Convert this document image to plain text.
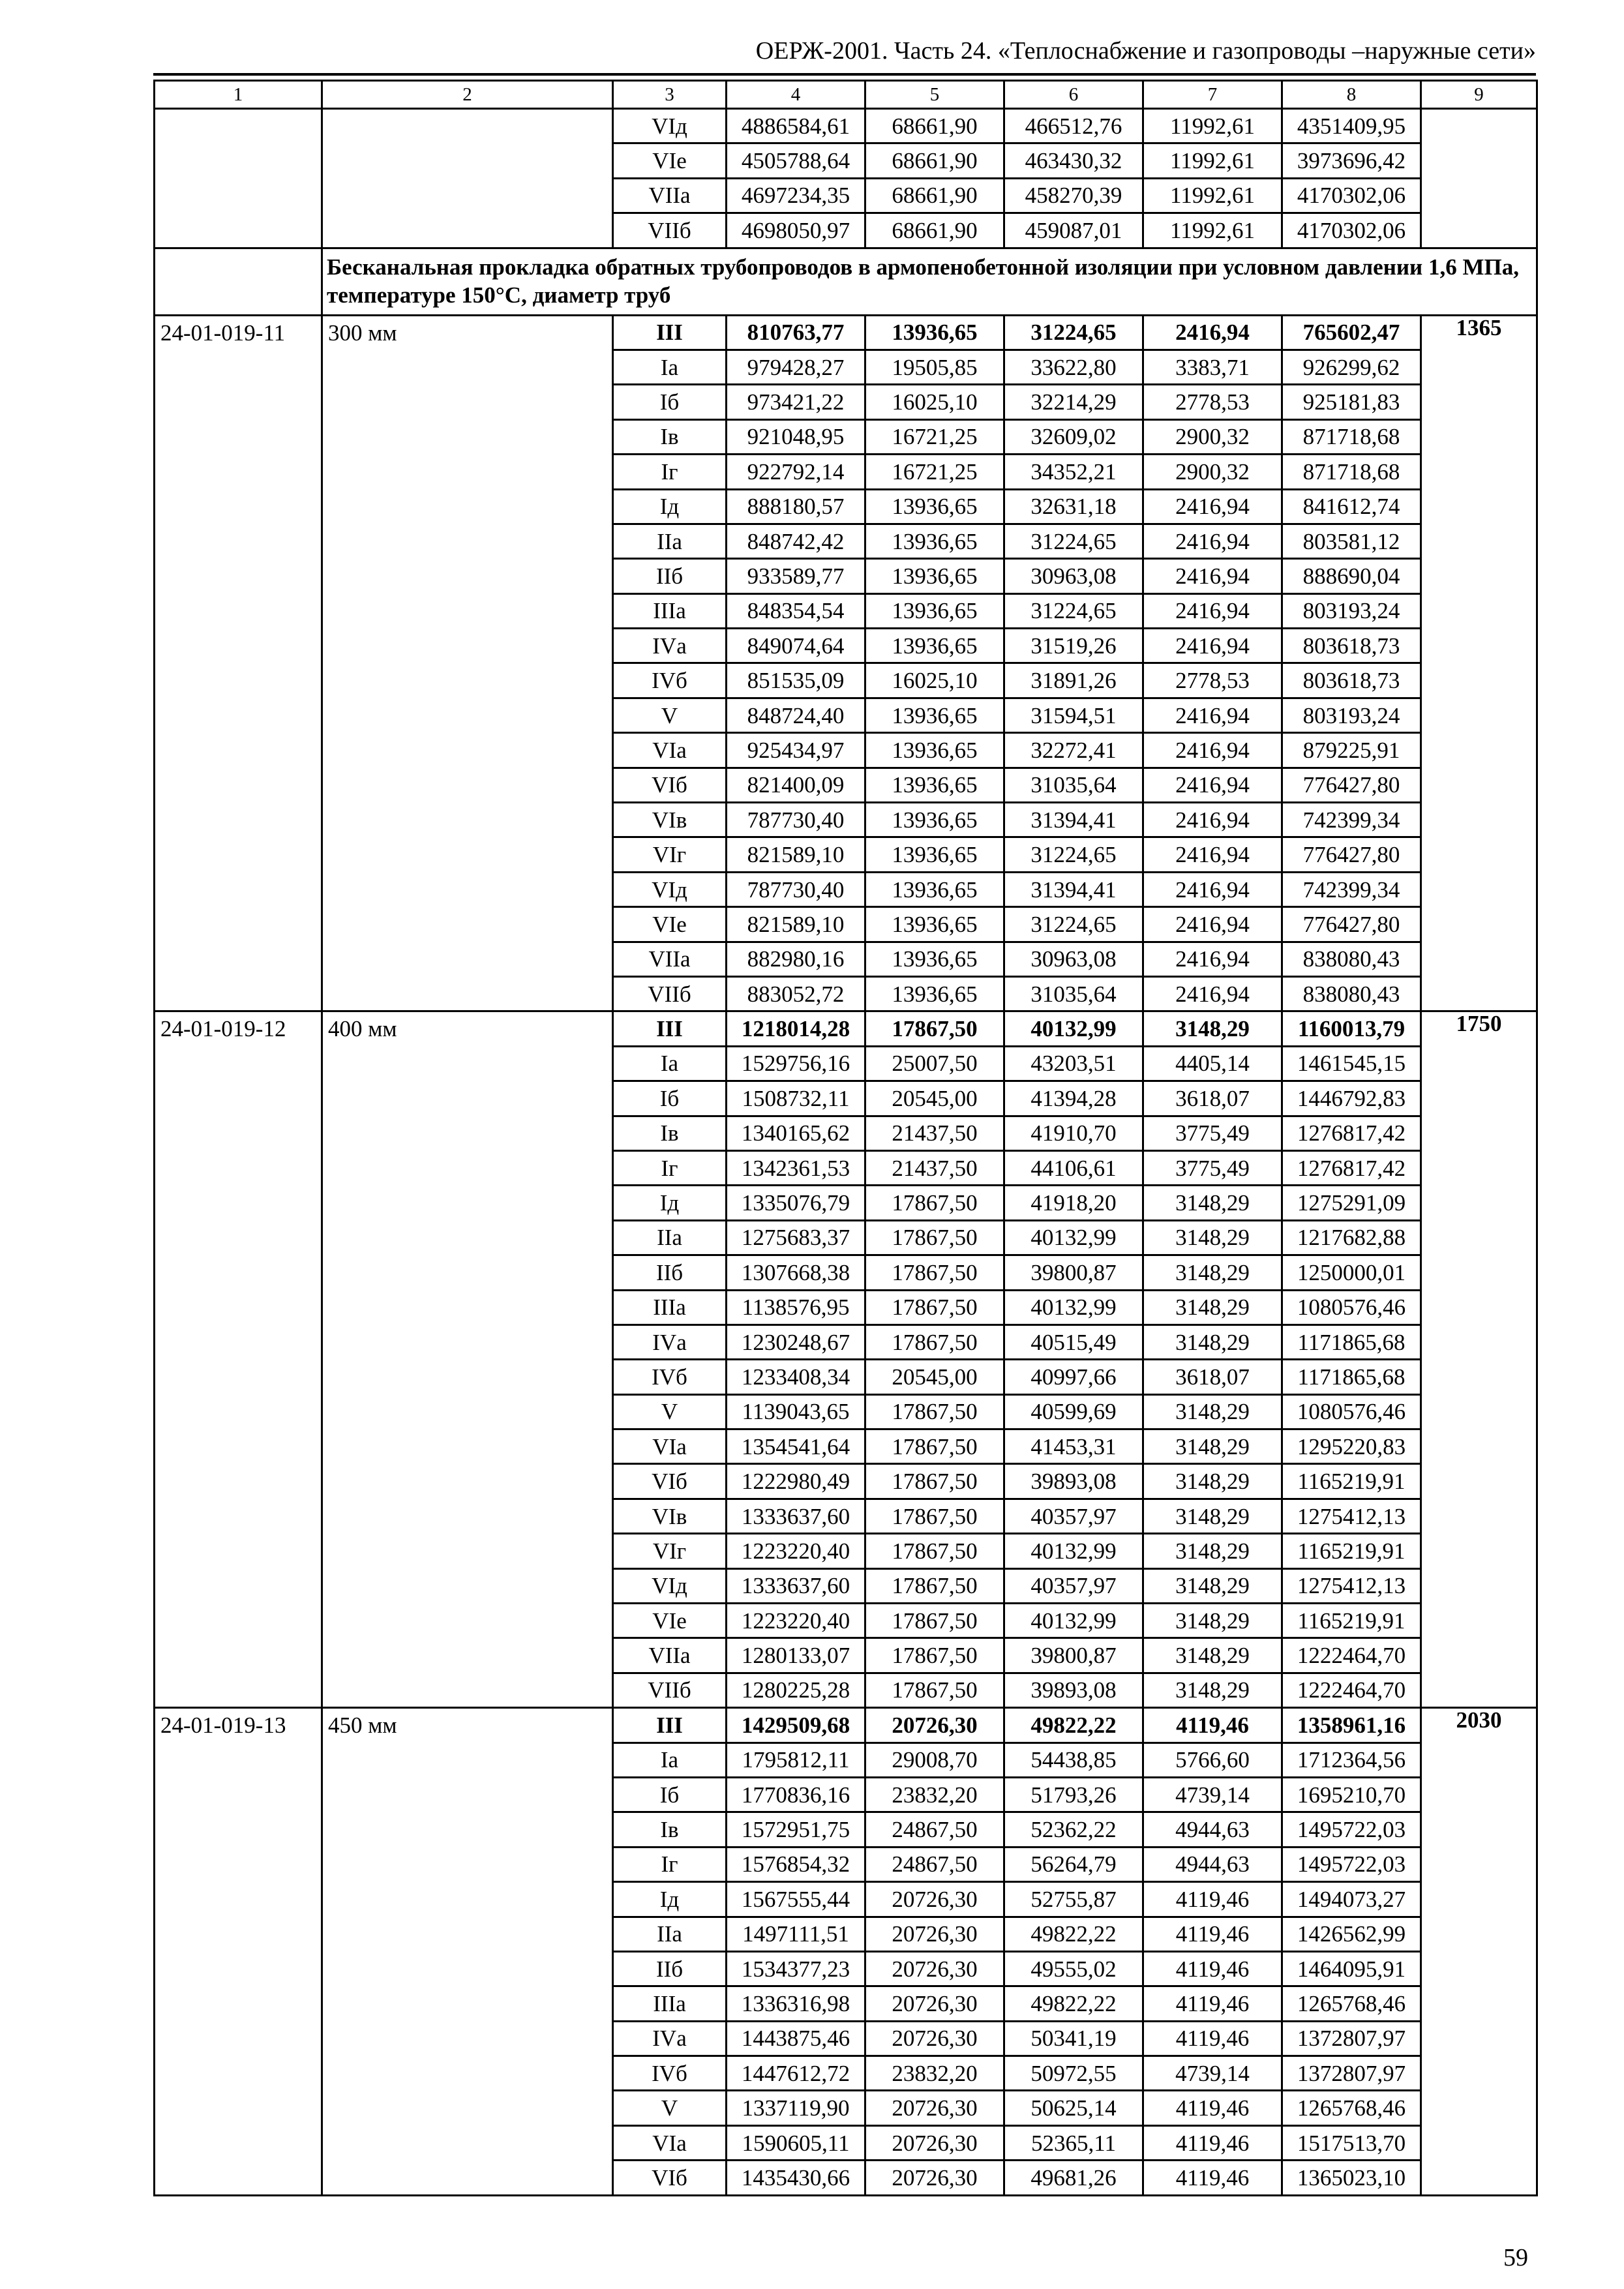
ОЕРЖ-2001. Часть 24. «Теплоснабжение и газопроводы –наружные сети»
1	2	3	4	5	6	7	8	9
		VIд	4886584,61	68661,90	466512,76	11992,61	4351409,95	
		VIе	4505788,64	68661,90	463430,32	11992,61	3973696,42	
		VIIа	4697234,35	68661,90	458270,39	11992,61	4170302,06	
		VIIб	4698050,97	68661,90	459087,01	11992,61	4170302,06	
	Бесканальная прокладка обратных трубопроводов в армопенобетонной изоляции при условном давлении 1,6 МПа, температуре 150°С, диаметр труб							
24-01-019-11	300 мм	III	810763,77	13936,65	31224,65	2416,94	765602,47	1365
		Iа	979428,27	19505,85	33622,80	3383,71	926299,62	
		Iб	973421,22	16025,10	32214,29	2778,53	925181,83	
		Iв	921048,95	16721,25	32609,02	2900,32	871718,68	
		Iг	922792,14	16721,25	34352,21	2900,32	871718,68	
		Iд	888180,57	13936,65	32631,18	2416,94	841612,74	
		IIа	848742,42	13936,65	31224,65	2416,94	803581,12	
		IIб	933589,77	13936,65	30963,08	2416,94	888690,04	
		IIIа	848354,54	13936,65	31224,65	2416,94	803193,24	
		IVа	849074,64	13936,65	31519,26	2416,94	803618,73	
		IVб	851535,09	16025,10	31891,26	2778,53	803618,73	
		V	848724,40	13936,65	31594,51	2416,94	803193,24	
		VIа	925434,97	13936,65	32272,41	2416,94	879225,91	
		VIб	821400,09	13936,65	31035,64	2416,94	776427,80	
		VIв	787730,40	13936,65	31394,41	2416,94	742399,34	
		VIг	821589,10	13936,65	31224,65	2416,94	776427,80	
		VIд	787730,40	13936,65	31394,41	2416,94	742399,34	
		VIе	821589,10	13936,65	31224,65	2416,94	776427,80	
		VIIа	882980,16	13936,65	30963,08	2416,94	838080,43	
		VIIб	883052,72	13936,65	31035,64	2416,94	838080,43	
24-01-019-12	400 мм	III	1218014,28	17867,50	40132,99	3148,29	1160013,79	1750
		Iа	1529756,16	25007,50	43203,51	4405,14	1461545,15	
		Iб	1508732,11	20545,00	41394,28	3618,07	1446792,83	
		Iв	1340165,62	21437,50	41910,70	3775,49	1276817,42	
		Iг	1342361,53	21437,50	44106,61	3775,49	1276817,42	
		Iд	1335076,79	17867,50	41918,20	3148,29	1275291,09	
		IIа	1275683,37	17867,50	40132,99	3148,29	1217682,88	
		IIб	1307668,38	17867,50	39800,87	3148,29	1250000,01	
		IIIа	1138576,95	17867,50	40132,99	3148,29	1080576,46	
		IVа	1230248,67	17867,50	40515,49	3148,29	1171865,68	
		IVб	1233408,34	20545,00	40997,66	3618,07	1171865,68	
		V	1139043,65	17867,50	40599,69	3148,29	1080576,46	
		VIа	1354541,64	17867,50	41453,31	3148,29	1295220,83	
		VIб	1222980,49	17867,50	39893,08	3148,29	1165219,91	
		VIв	1333637,60	17867,50	40357,97	3148,29	1275412,13	
		VIг	1223220,40	17867,50	40132,99	3148,29	1165219,91	
		VIд	1333637,60	17867,50	40357,97	3148,29	1275412,13	
		VIе	1223220,40	17867,50	40132,99	3148,29	1165219,91	
		VIIа	1280133,07	17867,50	39800,87	3148,29	1222464,70	
		VIIб	1280225,28	17867,50	39893,08	3148,29	1222464,70	
24-01-019-13	450 мм	III	1429509,68	20726,30	49822,22	4119,46	1358961,16	2030
		Iа	1795812,11	29008,70	54438,85	5766,60	1712364,56	
		Iб	1770836,16	23832,20	51793,26	4739,14	1695210,70	
		Iв	1572951,75	24867,50	52362,22	4944,63	1495722,03	
		Iг	1576854,32	24867,50	56264,79	4944,63	1495722,03	
		Iд	1567555,44	20726,30	52755,87	4119,46	1494073,27	
		IIа	1497111,51	20726,30	49822,22	4119,46	1426562,99	
		IIб	1534377,23	20726,30	49555,02	4119,46	1464095,91	
		IIIа	1336316,98	20726,30	49822,22	4119,46	1265768,46	
		IVа	1443875,46	20726,30	50341,19	4119,46	1372807,97	
		IVб	1447612,72	23832,20	50972,55	4739,14	1372807,97	
		V	1337119,90	20726,30	50625,14	4119,46	1265768,46	
		VIа	1590605,11	20726,30	52365,11	4119,46	1517513,70	
		VIб	1435430,66	20726,30	49681,26	4119,46	1365023,10	
59
